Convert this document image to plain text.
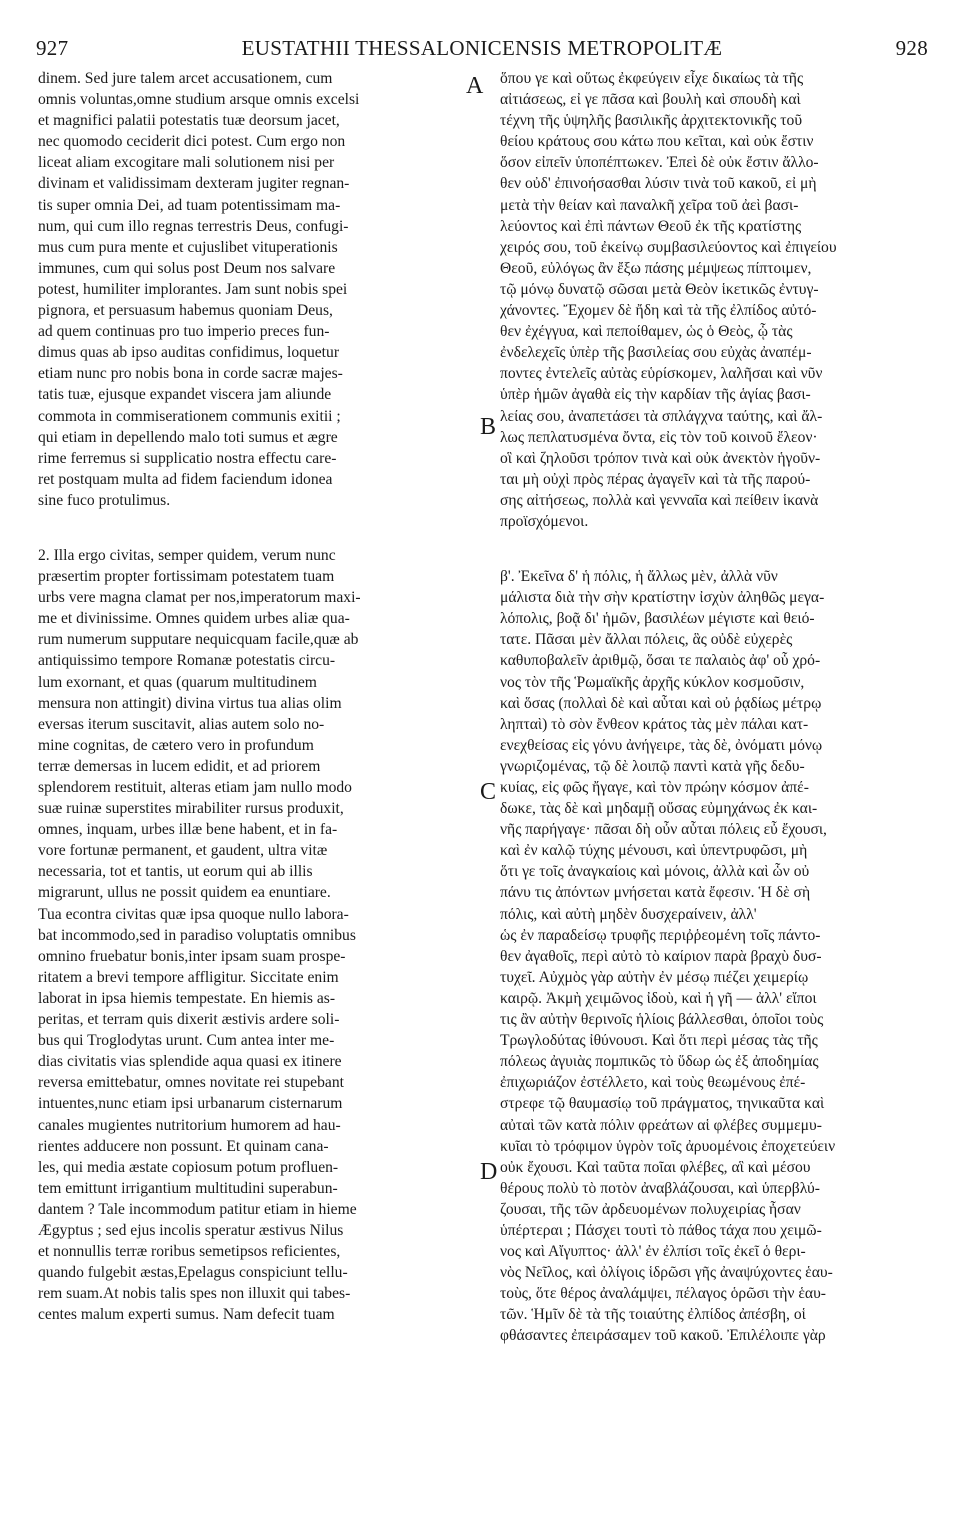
927	EUSTATHII THESSALONICENSIS METROPOLITÆ	928
dinem. Sed jure talem arcet accusationem, cum
omnis voluntas,omne studium arsque omnis excelsi
et magnifici palatii potestatis tuæ deorsum jacet,
nec quomodo ceciderit dici potest. Cum ergo non
liceat aliam excogitare mali solutionem nisi per
divinam et validissimam dexteram jugiter regnan-
tis super omnia Dei, ad tuam potentissimam ma-
num, qui cum illo regnas terrestris Deus, confugi-
mus cum pura mente et cujuslibet vituperationis
immunes, cum qui solus post Deum nos salvare
potest, humiliter implorantes. Jam sunt nobis spei
pignora, et persuasum habemus quoniam Deus,
ad quem continuas pro tuo imperio preces fun-
dimus quas ab ipso auditas confidimus, loquetur
etiam nunc pro nobis bona in corde sacræ majes-
tatis tuæ, ejusque expandet viscera jam aliunde
commota in commiserationem communis exitii ;
qui etiam in depellendo malo toti sumus et ægre
rime ferremus si supplicatio nostra effectu care-
ret postquam multa ad fidem faciendum idonea
sine fuco protulimus.
2. Illa ergo civitas, semper quidem, verum nunc
præsertim propter fortissimam potestatem tuam
urbs vere magna clamat per nos,imperatorum maxi-
me et divinissime. Omnes quidem urbes aliæ qua-
rum numerum supputare nequicquam facile,quæ ab
antiquissimo tempore Romanæ potestatis circu-
lum exornant, et quas (quarum multitudinem
mensura non attingit) divina virtus tua alias olim
eversas iterum suscitavit, alias autem solo no-
mine cognitas, de cætero vero in profundum
terræ demersas in lucem edidit, et ad priorem
splendorem restituit, alteras etiam jam nullo modo
suæ ruinæ superstites mirabiliter rursus produxit,
omnes, inquam, urbes illæ bene habent, et in fa-
vore fortunæ permanent, et gaudent, ultra vitæ
necessaria, tot et tantis, ut eorum qui ab illis
migrarunt, ullus ne possit quidem ea enuntiare.
Tua econtra civitas quæ ipsa quoque nullo labora-
bat incommodo,sed in paradiso voluptatis omnibus
omnino fruebatur bonis,inter ipsam suam prospe-
ritatem a brevi tempore affligitur. Siccitate enim
laborat in ipsa hiemis tempestate. En hiemis as-
peritas, et terram quis dixerit æstivis ardere soli-
bus qui Troglodytas urunt. Cum antea inter me-
dias civitatis vias splendide aqua quasi ex itinere
reversa emittebatur, omnes novitate rei stupebant
intuentes,nunc etiam ipsi urbanarum cisternarum
canales mugientes nutritorium humorem ad hau-
rientes adducere non possunt. Et quinam cana-
les, qui media æstate copiosum potum profluen-
tem emittunt irrigantium multitudini superabun-
dantem ? Tale incommodum patitur etiam in hieme
Ægyptus ; sed ejus incolis speratur æstivus Nilus
et nonnullis terræ roribus semetipsos reficientes,
quando fulgebit æstas,Epelagus conspiciunt tellu-
rem suam.At nobis talis spes non illuxit qui tabes-
centes malum experti sumus. Nam defecit tuam
ὅπου γε καὶ οὕτως ἐκφεύγειν εἶχε δικαίως τὰ τῆς
αἰτιάσεως, εἰ γε πᾶσα καὶ βουλὴ καὶ σπουδὴ καὶ
τέχνη τῆς ὑψηλῆς βασιλικῆς ἀρχιτεκτονικῆς τοῦ
θείου κράτους σου κάτω που κεῖται, καὶ οὐκ ἔστιν
ὅσον εἰπεῖν ὑποπέπτωκεν. Ἐπεὶ δὲ οὐκ ἔστιν ἄλλο-
θεν οὐδ' ἐπινοήσασθαι λύσιν τινὰ τοῦ κακοῦ, εἰ μὴ
μετὰ τὴν θείαν καὶ παναλκῆ χεῖρα τοῦ ἀεὶ βασι-
λεύοντος καὶ ἐπὶ πάντων Θεοῦ ἐκ τῆς κρατίστης
χειρός σου, τοῦ ἐκείνῳ συμβασιλεύοντος καὶ ἐπιγείου
Θεοῦ, εὐλόγως ἂν ἔξω πάσης μέμψεως πίπτοιμεν,
τῷ μόνῳ δυνατῷ σῶσαι μετὰ Θεὸν ἱκετικῶς ἐντυγ-
χάνοντες. Ἔχομεν δὲ ἤδη καὶ τὰ τῆς ἐλπίδος αὐτό-
θεν ἐχέγγυα, καὶ πεποίθαμεν, ὡς ὁ Θεὸς, ᾧ τὰς
ἐνδελεχεῖς ὑπὲρ τῆς βασιλείας σου εὐχὰς ἀναπέμ-
ποντες ἐντελεῖς αὐτὰς εὑρίσκομεν, λαλῆσαι καὶ νῦν
ὑπὲρ ἡμῶν ἀγαθὰ εἰς τὴν καρδίαν τῆς ἁγίας βασι-
λείας σου, ἀναπετάσει τὰ σπλάγχνα ταύτης, καὶ ἄλ-
λως πεπλατυσμένα ὄντα, εἰς τὸν τοῦ κοινοῦ ἔλεον·
οἳ καὶ ζηλοῦσι τρόπον τινὰ καὶ οὐκ ἀνεκτὸν ἡγοῦν-
ται μὴ οὐχὶ πρὸς πέρας ἀγαγεῖν καὶ τὰ τῆς παρού-
σης αἰτήσεως, πολλὰ καὶ γενναῖα καὶ πείθειν ἱκανὰ
προϊσχόμενοι.
β'. Ἐκεῖνα δ' ἡ πόλις, ἡ ἄλλως μὲν, ἀλλὰ νῦν
μάλιστα διὰ τὴν σὴν κρατίστην ἰσχὺν ἀληθῶς μεγα-
λόπολις, βοᾷ δι' ἡμῶν, βασιλέων μέγιστε καὶ θειό-
τατε. Πᾶσαι μὲν ἄλλαι πόλεις, ἃς οὐδὲ εὐχερὲς
καθυποβαλεῖν ἀριθμῷ, ὅσαι τε παλαιὸς ἀφ' οὗ χρό-
νος τὸν τῆς Ῥωμαϊκῆς ἀρχῆς κύκλον κοσμοῦσιν,
καὶ ὅσας (πολλαὶ δὲ καὶ αὗται καὶ οὐ ῥᾳδίως μέτρῳ
ληπταὶ) τὸ σὸν ἔνθεον κράτος τὰς μὲν πάλαι κατ-
ενεχθείσας εἰς γόνυ ἀνήγειρε, τὰς δὲ, ὀνόματι μόνῳ
γνωριζομένας, τῷ δὲ λοιπῷ παντὶ κατὰ γῆς δεδυ-
κυίας, εἰς φῶς ἤγαγε, καὶ τὸν πρώην κόσμον ἀπέ-
δωκε, τὰς δὲ καὶ μηδαμῇ οὔσας εὐμηχάνως ἐκ και-
νῆς παρήγαγε· πᾶσαι δὴ οὖν αὗται πόλεις εὖ ἔχουσι,
καὶ ἐν καλῷ τύχης μένουσι, καὶ ὑπεντρυφῶσι, μὴ
ὅτι γε τοῖς ἀναγκαίοις καὶ μόνοις, ἀλλὰ καὶ ὧν οὐ
πάνυ τις ἀπόντων μνήσεται κατὰ ἔφεσιν. Ἡ δὲ σὴ
πόλις, καὶ αὐτὴ μηδὲν δυσχεραίνειν, ἀλλ'
ὡς ἐν παραδείσῳ τρυφῆς περιῤῥεομένη τοῖς πάντο-
θεν ἀγαθοῖς, περὶ αὐτὸ τὸ καίριον παρὰ βραχὺ δυσ-
τυχεῖ. Αὐχμὸς γὰρ αὐτὴν ἐν μέσῳ πιέζει χειμερίῳ
καιρῷ. Ἀκμὴ χειμῶνος ἰδοὺ, καὶ ἡ γῆ — ἀλλ' εἴποι
τις ἂν αὐτὴν θερινοῖς ἡλίοις βάλλεσθαι, ὁποῖοι τοὺς
Τρωγλοδύτας ἰθύνουσι. Καὶ ὅτι περὶ μέσας τὰς τῆς
πόλεως ἀγυιὰς πομπικῶς τὸ ὕδωρ ὡς ἐξ ἀποδημίας
ἐπιχωριάζον ἐστέλλετο, καὶ τοὺς θεωμένους ἐπέ-
στρεφε τῷ θαυμασίῳ τοῦ πράγματος, τηνικαῦτα καὶ
αὐταὶ τῶν κατὰ πόλιν φρεάτων αἱ φλέβες συμμεμυ-
κυῖαι τὸ τρόφιμον ὑγρὸν τοῖς ἀρυομένοις ἐποχετεύειν
οὐκ ἔχουσι. Καὶ ταῦτα ποῖαι φλέβες, αἳ καὶ μέσου
θέρους πολὺ τὸ ποτὸν ἀναβλάζουσαι, καὶ ὑπερβλύ-
ζουσαι, τῆς τῶν ἀρδευομένων πολυχειρίας ἦσαν
ὑπέρτεραι ; Πάσχει τουτὶ τὸ πάθος τάχα που χειμῶ-
νος καὶ Αἴγυπτος· ἀλλ' ἐν ἐλπίσι τοῖς ἐκεῖ ὁ θερι-
νὸς Νεῖλος, καὶ ὀλίγοις ἱδρῶσι γῆς ἀναψύχοντες ἑαυ-
τοὺς, ὅτε θέρος ἀναλάμψει, πέλαγος ὁρῶσι τὴν ἑαυ-
τῶν. Ἡμῖν δὲ τὰ τῆς τοιαύτης ἐλπίδος ἀπέσβη, οἱ
φθάσαντες ἐπειράσαμεν τοῦ κακοῦ. Ἐπιλέλοιπε γὰρ
A
B
C
D
